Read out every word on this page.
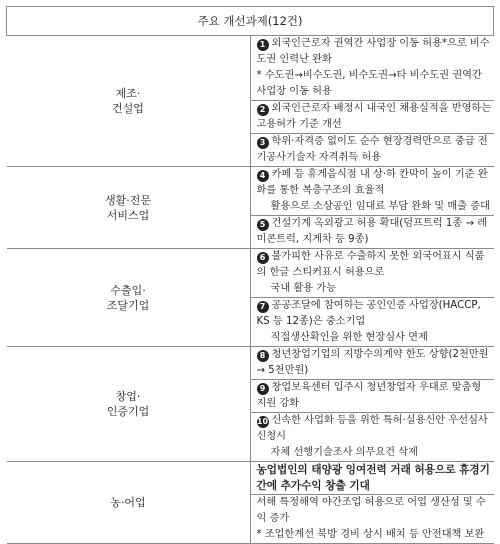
주요 개선과제(12건)	

제조·
건설업	1 외국인근로자 권역간 사업장 이동 허용*으로 비수도권 인력난 완화
* 수도권→비수도권, 비수도권→타 비수도권 권역간 사업장 이동 허용

	2 외국인근로자 배정시 내국인 채용실적을 반영하는 고용허가 기준 개선

	3 학위·자격증 없이도 순수 현장경력만으로 중급 전기공사기술자 자격취득 허용

생활·전문
서비스업	4 카페 등 휴게음식점 내 상·하 칸막이 높이 기준 완화를 통한 복층구조의 효율적
활용으로 소상공인 임대료 부담 완화 및 매출 증대

	5 건설기계 옥외광고 허용 확대(덤프트럭 1종 → 레미콘트럭, 지게차 등 9종)

수출입·
조달기업	6 불가피한 사유로 수출하지 못한 외국어표시 식품의 한글 스티커표시 허용으로
국내 활용 가능

	7 공공조달에 참여하는 공인인증 사업장(HACCP, KS 등 12종)은 중소기업
직접생산확인을 위한 현장심사 면제

창업·
인증기업	8 청년창업기업의 지방수의계약 한도 상향(2천만원 → 5천만원)

	9 창업보육센터 입주시 청년창업자 우대로 맞춤형 지원 강화

	10 신속한 사업화 등을 위한 특허·실용신안 우선심사 신청시
자체 선행기술조사 의무요건 삭제

농·어업	농업법인의 태양광 잉여전력 거래 허용으로 휴경기간에 추가수익 창출 기대

	서해 특정해역 야간조업 허용으로 어업 생산성 및 수익 증가
* 조업한계선 북방 경비 상시 배치 등 안전대책 보완
